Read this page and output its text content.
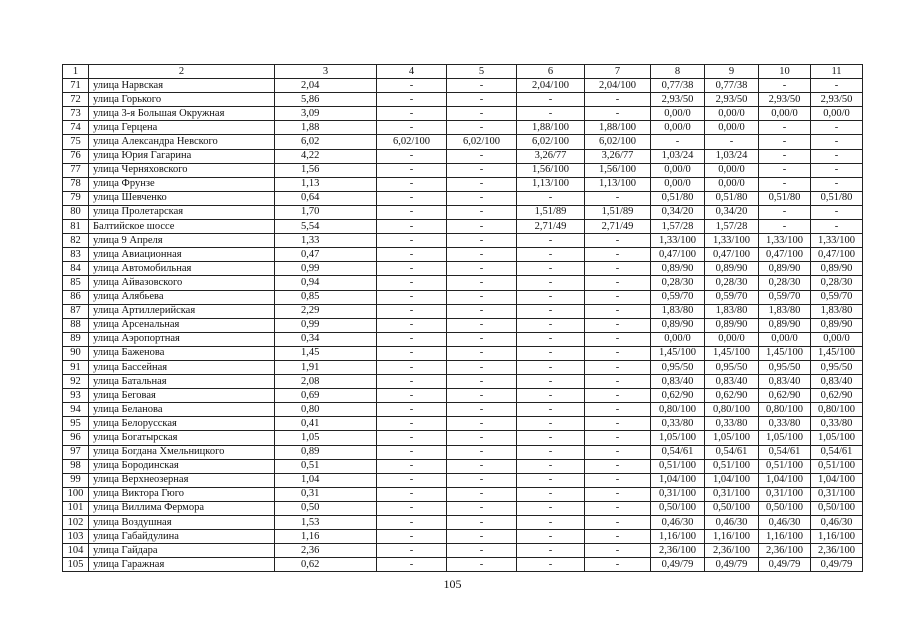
1	2	3	4	5	6	7	8	9	10	11
71	улица Нарвская	2,04	-	-	2,04/100	2,04/100	0,77/38	0,77/38	-	-
72	улица Горького	5,86	-	-	-	-	2,93/50	2,93/50	2,93/50	2,93/50
73	улица 3-я Большая Окружная	3,09	-	-	-	-	0,00/0	0,00/0	0,00/0	0,00/0
74	улица Герцена	1,88	-	-	1,88/100	1,88/100	0,00/0	0,00/0	-	-
75	улица Александра Невского	6,02	6,02/100	6,02/100	6,02/100	6,02/100	-	-	-	-
76	улица Юрия Гагарина	4,22	-	-	3,26/77	3,26/77	1,03/24	1,03/24	-	-
77	улица Черняховского	1,56	-	-	1,56/100	1,56/100	0,00/0	0,00/0	-	-
78	улица Фрунзе	1,13	-	-	1,13/100	1,13/100	0,00/0	0,00/0	-	-
79	улица Шевченко	0,64	-	-	-	-	0,51/80	0,51/80	0,51/80	0,51/80
80	улица Пролетарская	1,70	-	-	1,51/89	1,51/89	0,34/20	0,34/20	-	-
81	Балтийское шоссе	5,54	-	-	2,71/49	2,71/49	1,57/28	1,57/28	-	-
82	улица 9 Апреля	1,33	-	-	-	-	1,33/100	1,33/100	1,33/100	1,33/100
83	улица Авиационная	0,47	-	-	-	-	0,47/100	0,47/100	0,47/100	0,47/100
84	улица Автомобильная	0,99	-	-	-	-	0,89/90	0,89/90	0,89/90	0,89/90
85	улица Айвазовского	0,94	-	-	-	-	0,28/30	0,28/30	0,28/30	0,28/30
86	улица Алябьева	0,85	-	-	-	-	0,59/70	0,59/70	0,59/70	0,59/70
87	улица Артиллерийская	2,29	-	-	-	-	1,83/80	1,83/80	1,83/80	1,83/80
88	улица Арсенальная	0,99	-	-	-	-	0,89/90	0,89/90	0,89/90	0,89/90
89	улица Аэропортная	0,34	-	-	-	-	0,00/0	0,00/0	0,00/0	0,00/0
90	улица Баженова	1,45	-	-	-	-	1,45/100	1,45/100	1,45/100	1,45/100
91	улица Бассейная	1,91	-	-	-	-	0,95/50	0,95/50	0,95/50	0,95/50
92	улица Батальная	2,08	-	-	-	-	0,83/40	0,83/40	0,83/40	0,83/40
93	улица Беговая	0,69	-	-	-	-	0,62/90	0,62/90	0,62/90	0,62/90
94	улица Беланова	0,80	-	-	-	-	0,80/100	0,80/100	0,80/100	0,80/100
95	улица Белорусская	0,41	-	-	-	-	0,33/80	0,33/80	0,33/80	0,33/80
96	улица Богатырская	1,05	-	-	-	-	1,05/100	1,05/100	1,05/100	1,05/100
97	улица Богдана Хмельницкого	0,89	-	-	-	-	0,54/61	0,54/61	0,54/61	0,54/61
98	улица Бородинская	0,51	-	-	-	-	0,51/100	0,51/100	0,51/100	0,51/100
99	улица Верхнеозерная	1,04	-	-	-	-	1,04/100	1,04/100	1,04/100	1,04/100
100	улица Виктора Гюго	0,31	-	-	-	-	0,31/100	0,31/100	0,31/100	0,31/100
101	улица Виллима Фермора	0,50	-	-	-	-	0,50/100	0,50/100	0,50/100	0,50/100
102	улица Воздушная	1,53	-	-	-	-	0,46/30	0,46/30	0,46/30	0,46/30
103	улица Габайдулина	1,16	-	-	-	-	1,16/100	1,16/100	1,16/100	1,16/100
104	улица Гайдара	2,36	-	-	-	-	2,36/100	2,36/100	2,36/100	2,36/100
105	улица Гаражная	0,62	-	-	-	-	0,49/79	0,49/79	0,49/79	0,49/79
105
